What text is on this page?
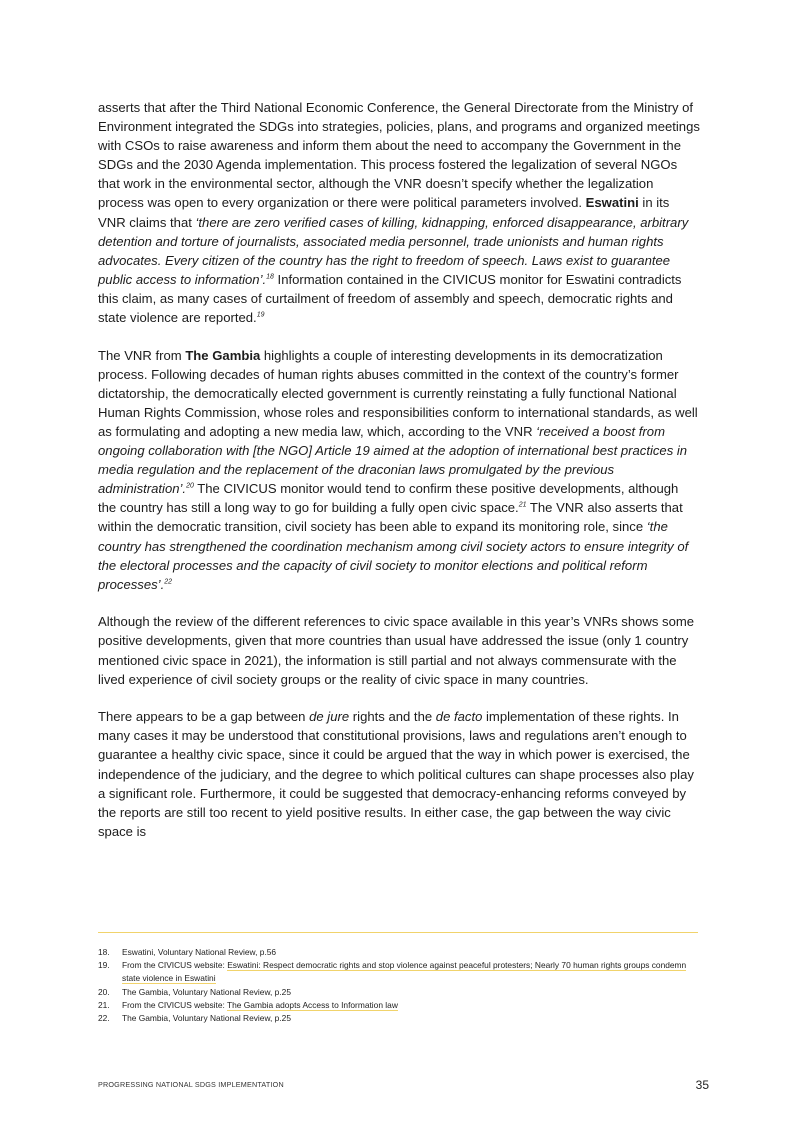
asserts that after the Third National Economic Conference, the General Directorate from the Ministry of Environment integrated the SDGs into strategies, policies, plans, and programs and organized meetings with CSOs to raise awareness and inform them about the need to accompany the Government in the SDGs and the 2030 Agenda implementation. This process fostered the legalization of several NGOs that work in the environmental sector, although the VNR doesn’t specify whether the legalization process was open to every organization or there were political parameters involved. Eswatini in its VNR claims that ‘there are zero verified cases of killing, kidnapping, enforced disappearance, arbitrary detention and torture of journalists, associated media personnel, trade unionists and human rights advocates. Every citizen of the country has the right to freedom of speech. Laws exist to guarantee public access to information’.$^{18}$ Information contained in the CIVICUS monitor for Eswatini contradicts this claim, as many cases of curtailment of freedom of assembly and speech, democratic rights and state violence are reported.$^{19}$

The VNR from The Gambia highlights a couple of interesting developments in its democratization process. Following decades of human rights abuses committed in the context of the country’s former dictatorship, the democratically elected government is currently reinstating a fully functional National Human Rights Commission, whose roles and responsibilities conform to international standards, as well as formulating and adopting a new media law, which, according to the VNR ‘received a boost from ongoing collaboration with [the NGO] Article 19 aimed at the adoption of international best practices in media regulation and the replacement of the draconian laws promulgated by the previous administration’.$^{20}$ The CIVICUS monitor would tend to confirm these positive developments, although the country has still a long way to go for building a fully open civic space.$^{21}$ The VNR also asserts that within the democratic transition, civil society has been able to expand its monitoring role, since ‘the country has strengthened the coordination mechanism among civil society actors to ensure integrity of the electoral processes and the capacity of civil society to monitor elections and political reform processes’.$^{22}$

Although the review of the different references to civic space available in this year’s VNRs shows some positive developments, given that more countries than usual have addressed the issue (only 1 country mentioned civic space in 2021), the information is still partial and not always commensurate with the lived experience of civil society groups or the reality of civic space in many countries.

There appears to be a gap between de jure rights and the de facto implementation of these rights. In many cases it may be understood that constitutional provisions, laws and regulations aren’t enough to guarantee a healthy civic space, since it could be argued that the way in which power is exercised, the independence of the judiciary, and the degree to which political cultures can shape processes also play a significant role. Furthermore, it could be suggested that democracy-enhancing reforms conveyed by the reports are still too recent to yield positive results. In either case, the gap between the way civic space is

18.	Eswatini, Voluntary National Review, p.56
19.	From the CIVICUS website: Eswatini: Respect democratic rights and stop violence against peaceful protesters; Nearly 70 human rights groups condemn state violence in Eswatini
20.	The Gambia, Voluntary National Review, p.25
21.	From the CIVICUS website: The Gambia adopts Access to Information law
22.	The Gambia, Voluntary National Review, p.25
PROGRESSING NATIONAL SDGS IMPLEMENTATION	35
